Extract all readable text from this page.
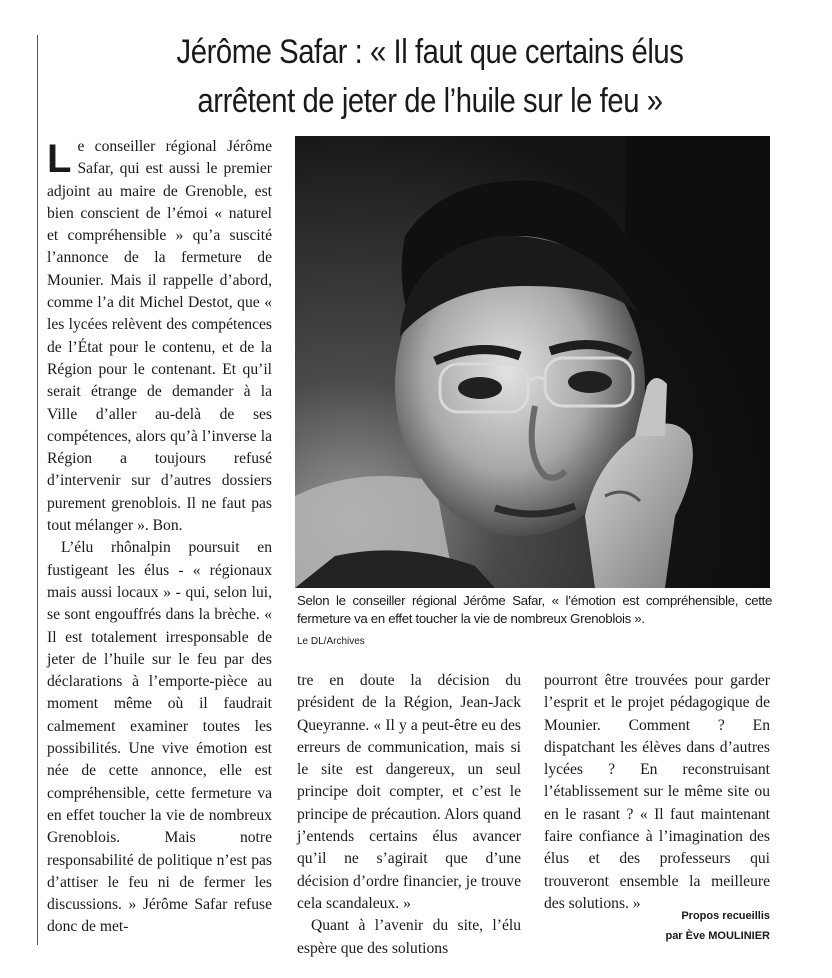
Jérôme Safar : « Il faut que certains élus
arrêtent de jeter de l’huile sur le feu »

Le conseiller régional Jérôme Safar, qui est aussi le premier adjoint au maire de Grenoble, est bien conscient de l’émoi « naturel et compréhensible » qu’a suscité l’annonce de la fermeture de Mounier. Mais il rappelle d’abord, comme l’a dit Michel Destot, que « les lycées relèvent des compétences de l’État pour le contenu, et de la Région pour le contenant. Et qu’il serait étrange de demander à la Ville d’aller au-delà de ses compétences, alors qu’à l’inverse la Région a toujours refusé d’intervenir sur d’autres dossiers purement grenoblois. Il ne faut pas tout mélanger ». Bon.

L’élu rhônalpin poursuit en fustigeant les élus - « régionaux mais aussi locaux » - qui, selon lui, se sont engouffrés dans la brèche. « Il est totalement irresponsable de jeter de l’huile sur le feu par des déclarations à l’emporte-pièce au moment même où il faudrait calmement examiner toutes les possibilités. Une vive émotion est née de cette annonce, elle est compréhensible, cette fermeture va en effet toucher la vie de nombreux Grenoblois. Mais notre responsabilité de politique n’est pas d’attiser le feu ni de fermer les discussions. » Jérôme Safar refuse donc de met-

Selon le conseiller régional Jérôme Safar, « l’émotion est compréhensible, cette fermeture va en effet toucher la vie de nombreux Grenoblois ».

Le DL/Archives

tre en doute la décision du président de la Région, Jean-Jack Queyranne. « Il y a peut-être eu des erreurs de communication, mais si le site est dangereux, un seul principe doit compter, et c’est le principe de précaution. Alors quand j’entends certains élus avancer qu’il ne s’agirait que d’une décision d’ordre financier, je trouve cela scandaleux. »

Quant à l’avenir du site, l’élu espère que des solutions

pourront être trouvées pour garder l’esprit et le projet pédagogique de Mounier. Comment ? En dispatchant les élèves dans d’autres lycées ? En reconstruisant l’établissement sur le même site ou en le rasant ? « Il faut maintenant faire confiance à l’imagination des élus et des professeurs qui trouveront ensemble la meilleure des solutions. »

Propos recueillis
par Ève MOULINIER
